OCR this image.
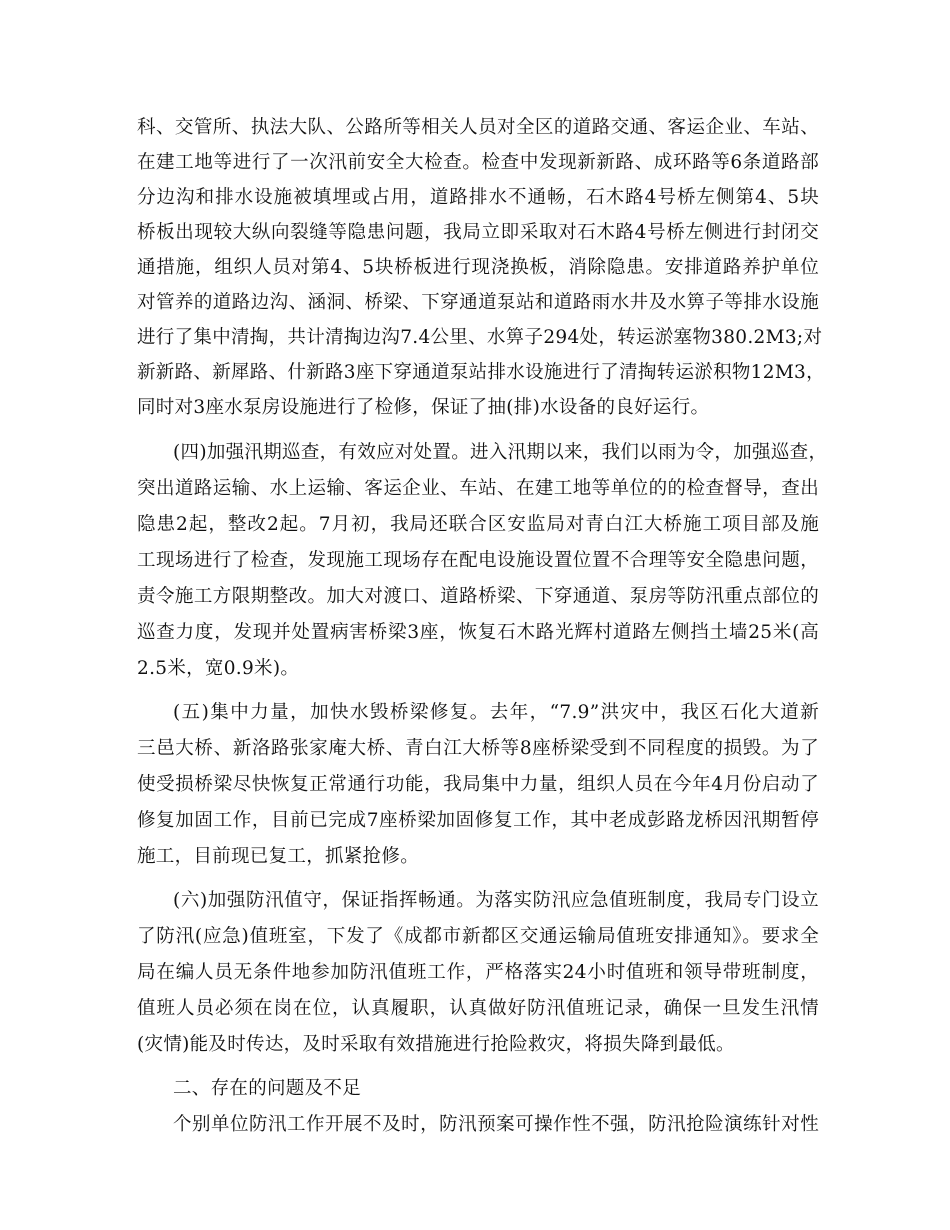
科、交管所、执法大队、公路所等相关人员对全区的道路交通、客运企业、车站、
在建工地等进行了一次汛前安全大检查。检查中发现新新路、成环路等6条道路部
分边沟和排水设施被填埋或占用，道路排水不通畅，石木路4号桥左侧第4、5块
桥板出现较大纵向裂缝等隐患问题，我局立即采取对石木路4号桥左侧进行封闭交
通措施，组织人员对第4、5块桥板进行现浇换板，消除隐患。安排道路养护单位
对管养的道路边沟、涵洞、桥梁、下穿通道泵站和道路雨水井及水箅子等排水设施
进行了集中清掏，共计清掏边沟7.4公里、水箅子294处，转运淤塞物380.2M3;对
新新路、新犀路、什新路3座下穿通道泵站排水设施进行了清掏转运淤积物12M3，
同时对3座水泵房设施进行了检修，保证了抽(排)水设备的良好运行。
(四)加强汛期巡查，有效应对处置。进入汛期以来，我们以雨为令，加强巡查，
突出道路运输、水上运输、客运企业、车站、在建工地等单位的的检查督导，查出
隐患2起，整改2起。7月初，我局还联合区安监局对青白江大桥施工项目部及施
工现场进行了检查，发现施工现场存在配电设施设置位置不合理等安全隐患问题，
责令施工方限期整改。加大对渡口、道路桥梁、下穿通道、泵房等防汛重点部位的
巡查力度，发现并处置病害桥梁3座，恢复石木路光辉村道路左侧挡土墙25米(高
2.5米，宽0.9米)。
(五)集中力量，加快水毁桥梁修复。去年，“7.9”洪灾中，我区石化大道新
三邑大桥、新洛路张家庵大桥、青白江大桥等8座桥梁受到不同程度的损毁。为了
使受损桥梁尽快恢复正常通行功能，我局集中力量，组织人员在今年4月份启动了
修复加固工作，目前已完成7座桥梁加固修复工作，其中老成彭路龙桥因汛期暂停
施工，目前现已复工，抓紧抢修。
(六)加强防汛值守，保证指挥畅通。为落实防汛应急值班制度，我局专门设立
了防汛(应急)值班室，下发了《成都市新都区交通运输局值班安排通知》。要求全
局在编人员无条件地参加防汛值班工作，严格落实24小时值班和领导带班制度，
值班人员必须在岗在位，认真履职，认真做好防汛值班记录，确保一旦发生汛情
(灾情)能及时传达，及时采取有效措施进行抢险救灾，将损失降到最低。
二、存在的问题及不足
个别单位防汛工作开展不及时，防汛预案可操作性不强，防汛抢险演练针对性
